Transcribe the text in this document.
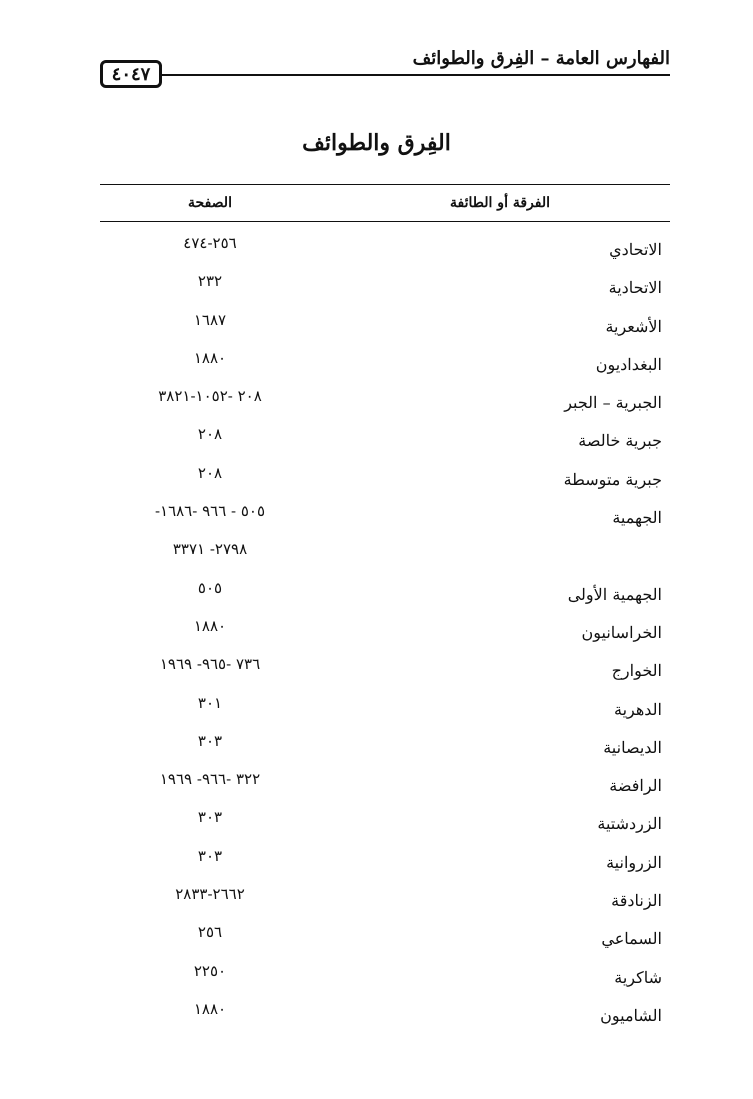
الفهارس العامة – الفِرق والطوائف
٤٠٤٧
الفِرق والطوائف
الفرقة أو الطائفة
الصفحة
الاتحادي
٢٥٦-٤٧٤
الاتحادية
٢٣٢
الأشعرية
١٦٨٧
البغداديون
١٨٨٠
الجبرية – الجبر
٢٠٨ -١٠٥٢-٣٨٢١
جبرية خالصة
٢٠٨
جبرية متوسطة
٢٠٨
الجهمية
٥٠٥ - ٩٦٦ -١٦٨٦-
٢٧٩٨- ٣٣٧١
الجهمية الأولى
٥٠٥
الخراسانيون
١٨٨٠
الخوارج
٧٣٦ -٩٦٥- ١٩٦٩
الدهرية
٣٠١
الديصانية
٣٠٣
الرافضة
٣٢٢ -٩٦٦- ١٩٦٩
الزردشتية
٣٠٣
الزروانية
٣٠٣
الزنادقة
٢٦٦٢-٢٨٣٣
السماعي
٢٥٦
شاكرية
٢٢٥٠
الشاميون
١٨٨٠
